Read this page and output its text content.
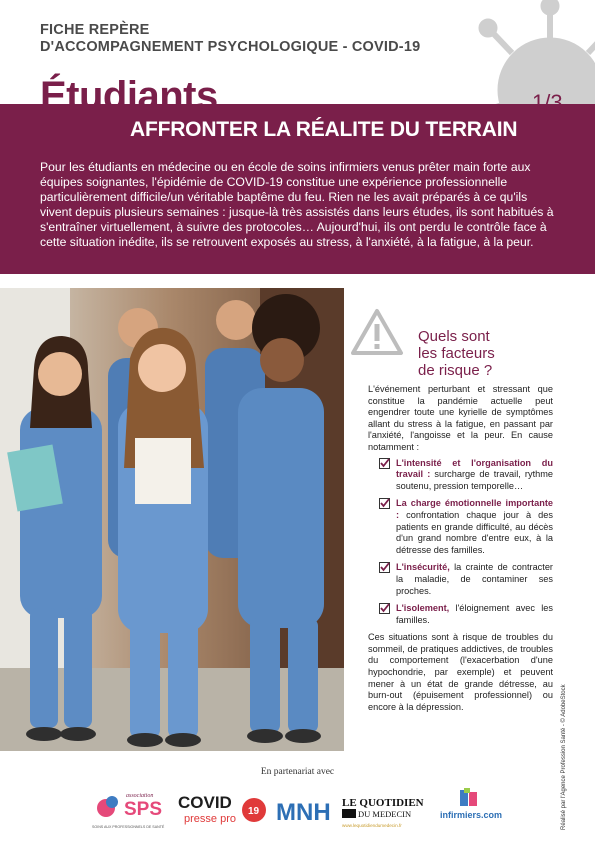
FICHE REPÈRE
D'ACCOMPAGNEMENT PSYCHOLOGIQUE - COVID-19
Étudiants
AFFRONTER LA RÉALITE DU TERRAIN
1/3
Pour les étudiants en médecine ou en école de soins infirmiers venus prêter main forte aux équipes soignantes, l'épidémie de COVID-19 constitue une expérience professionnelle particulièrement difficile/un véritable baptême du feu. Rien ne les avait préparés à ce qu'ils vivent depuis plusieurs semaines : jusque-là très assistés dans leurs études, ils sont habitués à s'entraîner virtuellement, à suivre des protocoles… Aujourd'hui, ils ont perdu le contrôle face à cette situation inédite, ils se retrouvent exposés au stress, à l'anxiété, à la fatigue, à la peur.
Quels sont
les facteurs
de risque ?

L'événement perturbant et stressant que constitue la pandémie actuelle peut engendrer toute une kyrielle de symptômes allant du stress à la fatigue, en passant par l'anxiété, l'angoisse et la peur. En cause notamment :

L'intensité et l'organisation du travail : surcharge de travail, rythme soutenu, pression temporelle…
La charge émotionnelle importante : confrontation chaque jour à des patients en grande difficulté, au décès d'un grand nombre d'entre eux, à la détresse des familles.
L'insécurité, la crainte de contracter la maladie, de contaminer ses proches.
L'isolement, l'éloignement avec les familles.

Ces situations sont à risque de troubles du sommeil, de pratiques addictives, de troubles du comportement (l'exacerbation d'une hypochondrie, par exemple) et peuvent mener à un état de grande détresse, au burn-out (épuisement professionnel) ou encore à la dépression.	Réalisé par l'Agence Profession Santé - © AdobeStock
En partenariat avec
association
SPS
SOINS AUX PROFESSIONNELS DE SANTÉ
COVID
presse pro
19 MNH LE QUOTIDIEN
DU MEDECIN
www.lequotidiendumedecin.fr
infirmiers.com
